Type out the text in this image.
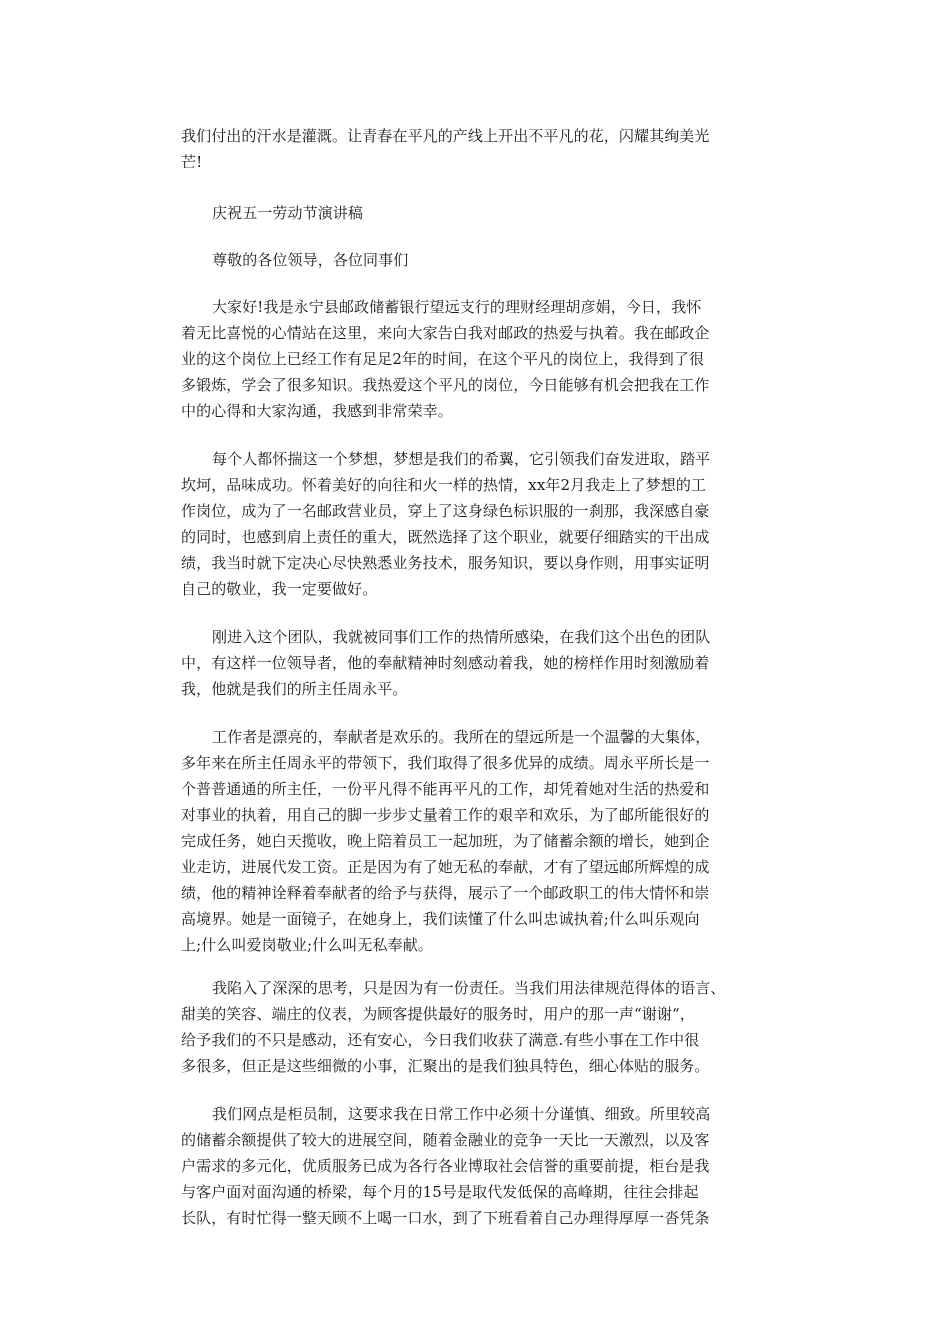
我们付出的汗水是灌溉。让青春在平凡的产线上开出不平凡的花，闪耀其绚美光
芒!
庆祝五一劳动节演讲稿
尊敬的各位领导，各位同事们
大家好!我是永宁县邮政储蓄银行望远支行的理财经理胡彦娟，今日，我怀
着无比喜悦的心情站在这里，来向大家告白我对邮政的热爱与执着。我在邮政企
业的这个岗位上已经工作有足足2年的时间，在这个平凡的岗位上，我得到了很
多锻炼，学会了很多知识。我热爱这个平凡的岗位，今日能够有机会把我在工作
中的心得和大家沟通，我感到非常荣幸。
每个人都怀揣这一个梦想，梦想是我们的希翼，它引领我们奋发进取，踏平
坎坷，品味成功。怀着美好的向往和火一样的热情，xx年2月我走上了梦想的工
作岗位，成为了一名邮政营业员，穿上了这身绿色标识服的一刹那，我深感自豪
的同时，也感到肩上责任的重大，既然选择了这个职业，就要仔细踏实的干出成
绩，我当时就下定决心尽快熟悉业务技术，服务知识，要以身作则，用事实证明
自己的敬业，我一定要做好。
刚进入这个团队，我就被同事们工作的热情所感染，在我们这个出色的团队
中，有这样一位领导者，他的奉献精神时刻感动着我，她的榜样作用时刻激励着
我，他就是我们的所主任周永平。
工作者是漂亮的，奉献者是欢乐的。我所在的望远所是一个温馨的大集体，
多年来在所主任周永平的带领下，我们取得了很多优异的成绩。周永平所长是一
个普普通通的所主任，一份平凡得不能再平凡的工作，却凭着她对生活的热爱和
对事业的执着，用自己的脚一步步丈量着工作的艰辛和欢乐，为了邮所能很好的
完成任务，她白天揽收，晚上陪着员工一起加班，为了储蓄余额的增长，她到企
业走访，进展代发工资。正是因为有了她无私的奉献，才有了望远邮所辉煌的成
绩，他的精神诠释着奉献者的给予与获得，展示了一个邮政职工的伟大情怀和崇
高境界。她是一面镜子，在她身上，我们读懂了什么叫忠诚执着;什么叫乐观向
上;什么叫爱岗敬业;什么叫无私奉献。
我陷入了深深的思考，只是因为有一份责任。当我们用法律规范得体的语言、
甜美的笑容、端庄的仪表，为顾客提供最好的服务时，用户的那一声“谢谢“，
给予我们的不只是感动，还有安心，今日我们收获了满意.有些小事在工作中很
多很多，但正是这些细微的小事，汇聚出的是我们独具特色，细心体贴的服务。
我们网点是柜员制，这要求我在日常工作中必须十分谨慎、细致。所里较高
的储蓄余额提供了较大的进展空间，随着金融业的竞争一天比一天激烈，以及客
户需求的多元化，优质服务已成为各行各业博取社会信誉的重要前提，柜台是我
与客户面对面沟通的桥梁，每个月的15号是取代发低保的高峰期，往往会排起
长队，有时忙得一整天顾不上喝一口水，到了下班看着自己办理得厚厚一沓凭条
